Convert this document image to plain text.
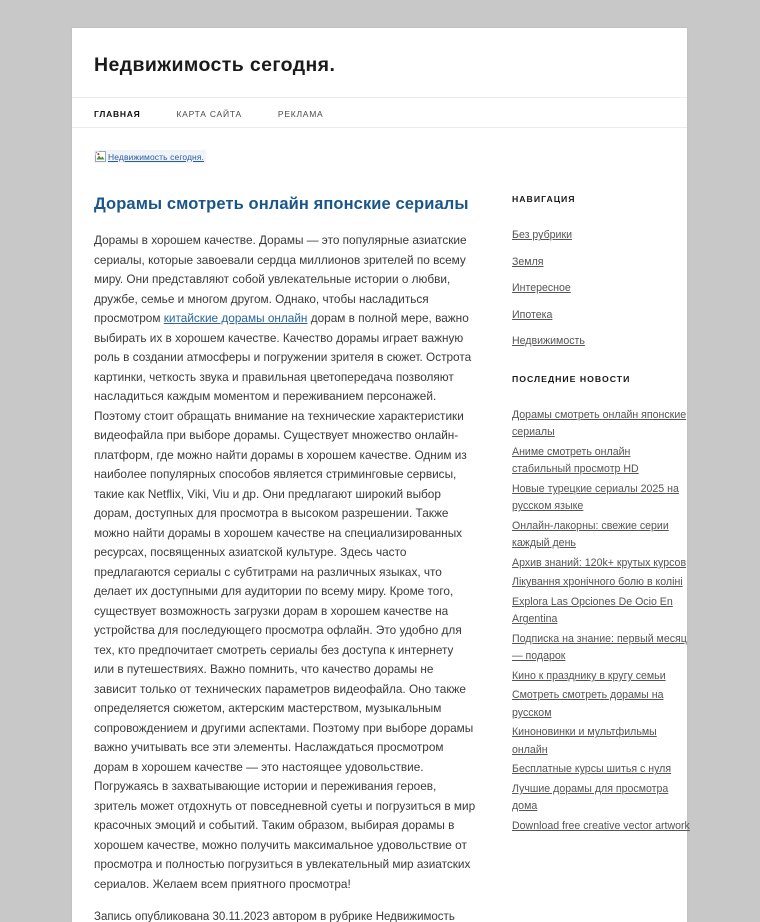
Недвижимость сегодня.
ГЛАВНАЯ	КАРТА САЙТА	РЕКЛАМА
Недвижимость сегодня.
Дорамы смотреть онлайн японские сериалы

Дорамы в хорошем качестве. Дорамы — это популярные азиатские сериалы, которые завоевали сердца миллионов зрителей по всему миру. Они представляют собой увлекательные истории о любви, дружбе, семье и многом другом. Однако, чтобы насладиться просмотром китайские дорамы онлайн дорам в полной мере, важно выбирать их в хорошем качестве. Качество дорамы играет важную роль в создании атмосферы и погружении зрителя в сюжет. Острота картинки, четкость звука и правильная цветопередача позволяют насладиться каждым моментом и переживанием персонажей. Поэтому стоит обращать внимание на технические характеристики видеофайла при выборе дорамы. Существует множество онлайн-платформ, где можно найти дорамы в хорошем качестве. Одним из наиболее популярных способов является стриминговые сервисы, такие как Netflix, Viki, Viu и др. Они предлагают широкий выбор дорам, доступных для просмотра в высоком разрешении. Также можно найти дорамы в хорошем качестве на специализированных ресурсах, посвященных азиатской культуре. Здесь часто предлагаются сериалы с субтитрами на различных языках, что делает их доступными для аудитории по всему миру. Кроме того, существует возможность загрузки дорам в хорошем качестве на устройства для последующего просмотра офлайн. Это удобно для тех, кто предпочитает смотреть сериалы без доступа к интернету или в путешествиях. Важно помнить, что качество дорамы не зависит только от технических параметров видеофайла. Оно также определяется сюжетом, актерским мастерством, музыкальным сопровождением и другими аспектами. Поэтому при выборе дорамы важно учитывать все эти элементы. Наслаждаться просмотром дорам в хорошем качестве — это настоящее удовольствие. Погружаясь в захватывающие истории и переживания героев, зритель может отдохнуть от повседневной суеты и погрузиться в мир красочных эмоций и событий. Таким образом, выбирая дорамы в хорошем качестве, можно получить максимальное удовольствие от просмотра и полностью погрузиться в увлекательный мир азиатских сериалов. Желаем всем приятного просмотра!

Запись опубликована 30.11.2023 автором в рубрике Недвижимость
НАВИГАЦИЯ
Без рубрики
Земля
Интересное
Ипотека
Недвижимость
ПОСЛЕДНИЕ НОВОСТИ
Дорамы смотреть онлайн японские сериалы
Аниме смотреть онлайн стабильный просмотр HD
Новые турецкие сериалы 2025 на русском языке
Онлайн-лакорны: свежие серии каждый день
Архив знаний: 120k+ крутых курсов
Лікування хронічного болю в коліні
Explora Las Opciones De Ocio En Argentina
Подписка на знание: первый месяц — подарок
Кино к празднику в кругу семьи
Смотреть смотреть дорамы на русском
Киноновинки и мультфильмы онлайн
Бесплатные курсы шитья с нуля
Лучшие дорамы для просмотра дома
Download free creative vector artwork
